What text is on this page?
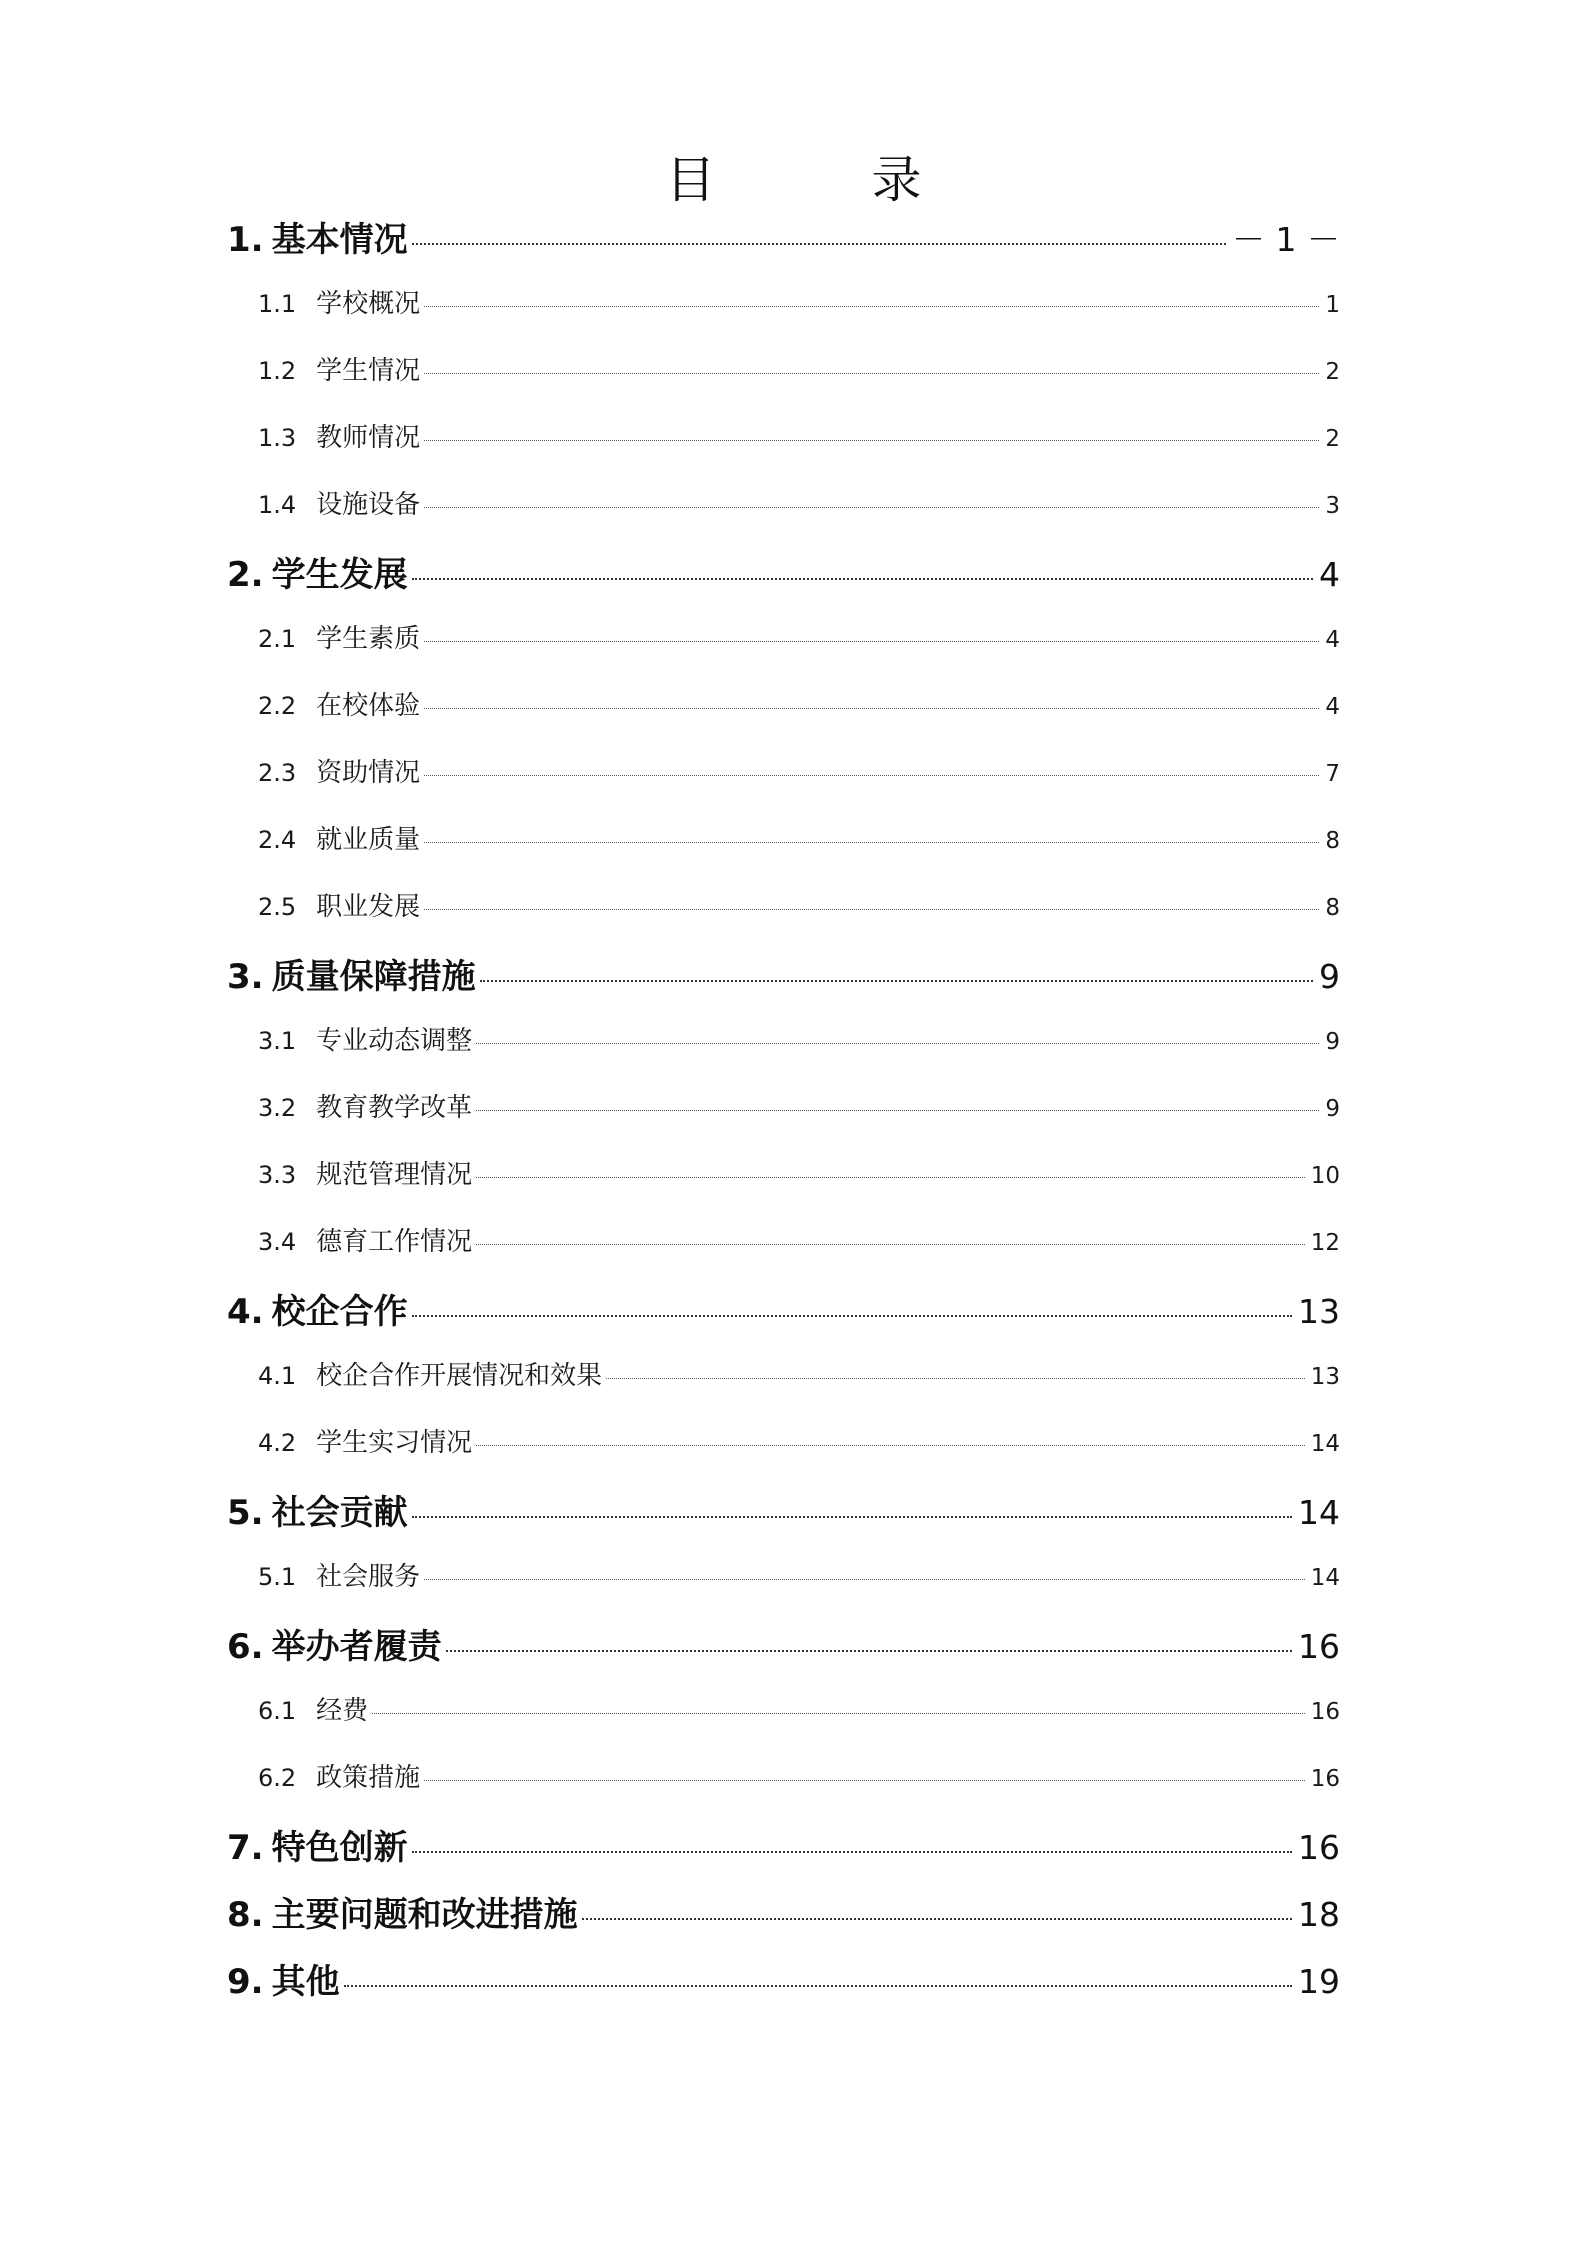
目 录
1. 基本情况	－ 1 －
1.1 学校概况	1
1.2 学生情况	2
1.3 教师情况	2
1.4 设施设备	3
2. 学生发展	4
2.1 学生素质	4
2.2 在校体验	4
2.3 资助情况	7
2.4 就业质量	8
2.5 职业发展	8
3. 质量保障措施	9
3.1 专业动态调整	9
3.2 教育教学改革	9
3.3 规范管理情况	10
3.4 德育工作情况	12
4. 校企合作	13
4.1 校企合作开展情况和效果	13
4.2 学生实习情况	14
5. 社会贡献	14
5.1 社会服务	14
6. 举办者履责	16
6.1 经费	16
6.2 政策措施	16
7. 特色创新	16
8. 主要问题和改进措施	18
9. 其他	19
